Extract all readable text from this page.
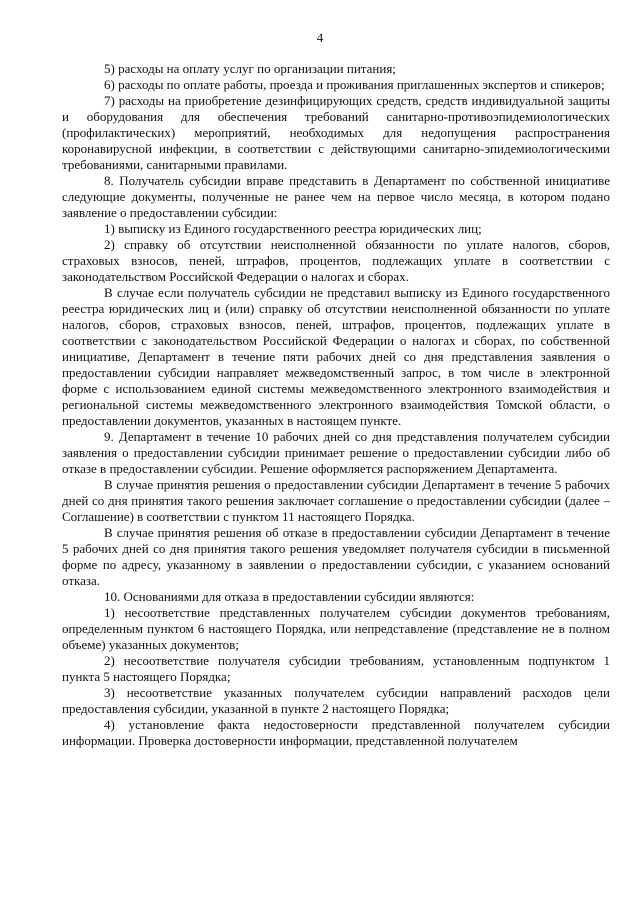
4

5) расходы на оплату услуг по организации питания;

6) расходы по оплате работы, проезда и проживания приглашенных экспертов и спикеров;

7) расходы на приобретение дезинфицирующих средств, средств индивидуальной защиты и оборудования для обеспечения требований санитарно-противоэпидемиологических (профилактических) мероприятий, необходимых для недопущения распространения коронавирусной инфекции, в соответствии с действующими санитарно-эпидемиологическими требованиями, санитарными правилами.

8. Получатель субсидии вправе представить в Департамент по собственной инициативе следующие документы, полученные не ранее чем на первое число месяца, в котором подано заявление о предоставлении субсидии:

1) выписку из Единого государственного реестра юридических лиц;

2) справку об отсутствии неисполненной обязанности по уплате налогов, сборов, страховых взносов, пеней, штрафов, процентов, подлежащих уплате в соответствии с законодательством Российской Федерации о налогах и сборах.

В случае если получатель субсидии не представил выписку из Единого государственного реестра юридических лиц и (или) справку об отсутствии неисполненной обязанности по уплате налогов, сборов, страховых взносов, пеней, штрафов, процентов, подлежащих уплате в соответствии с законодательством Российской Федерации о налогах и сборах, по собственной инициативе, Департамент в течение пяти рабочих дней со дня представления заявления о предоставлении субсидии направляет межведомственный запрос, в том числе в электронной форме с использованием единой системы межведомственного электронного взаимодействия и региональной системы межведомственного электронного взаимодействия Томской области, о предоставлении документов, указанных в настоящем пункте.

9. Департамент в течение 10 рабочих дней со дня представления получателем субсидии заявления о предоставлении субсидии принимает решение о предоставлении субсидии либо об отказе в предоставлении субсидии. Решение оформляется распоряжением Департамента.

В случае принятия решения о предоставлении субсидии Департамент в течение 5 рабочих дней со дня принятия такого решения заключает соглашение о предоставлении субсидии (далее – Соглашение) в соответствии с пунктом 11 настоящего Порядка.

В случае принятия решения об отказе в предоставлении субсидии Департамент в течение 5 рабочих дней со дня принятия такого решения уведомляет получателя субсидии в письменной форме по адресу, указанному в заявлении о предоставлении субсидии, с указанием оснований отказа.

10. Основаниями для отказа в предоставлении субсидии являются:

1) несоответствие представленных получателем субсидии документов требованиям, определенным пунктом 6 настоящего Порядка, или непредставление (представление не в полном объеме) указанных документов;

2) несоответствие получателя субсидии требованиям, установленным подпунктом 1 пункта 5 настоящего Порядка;

3) несоответствие указанных получателем субсидии направлений расходов цели предоставления субсидии, указанной в пункте 2 настоящего Порядка;

4) установление факта недостоверности представленной получателем субсидии информации. Проверка достоверности информации, представленной получателем
